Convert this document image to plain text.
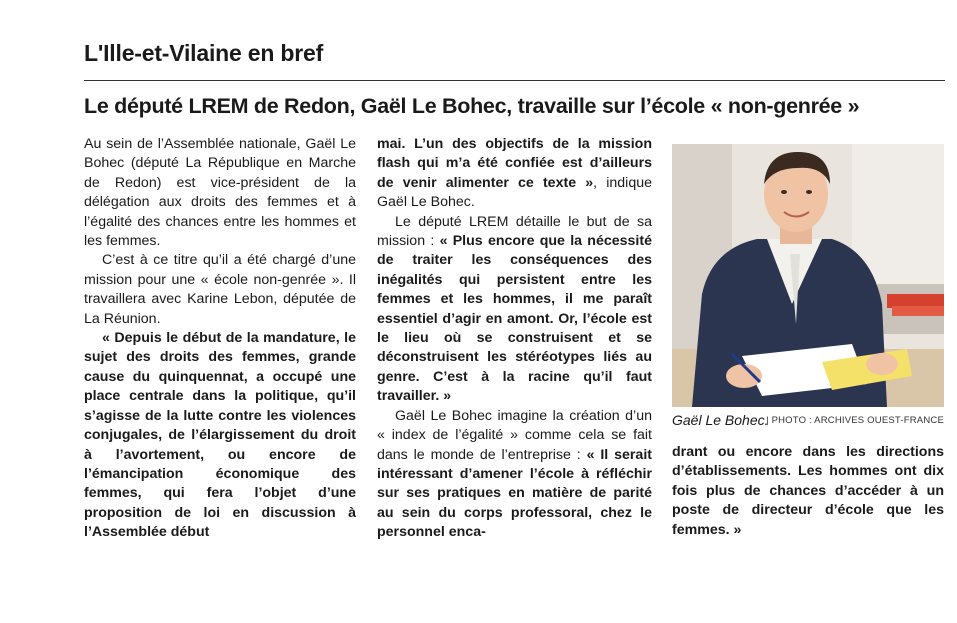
L'Ille-et-Vilaine en bref
Le député LREM de Redon, Gaël Le Bohec, travaille sur l’école « non-genrée »

Au sein de l’Assemblée nationale, Gaël Le Bohec (député La République en Marche de Redon) est vice-président de la délégation aux droits des femmes et à l’égalité des chances entre les hommes et les femmes.

C’est à ce titre qu’il a été chargé d’une mission pour une « école non-genrée ». Il travaillera avec Karine Lebon, députée de La Réunion.

« Depuis le début de la mandature, le sujet des droits des femmes, grande cause du quinquennat, a occupé une place centrale dans la politique, qu’il s’agisse de la lutte contre les violences conjugales, de l’élargissement du droit à l’avortement, ou encore de l’émancipation économique des femmes, qui fera l’objet d’une proposition de loi en discussion à l’Assemblée début

mai. L’un des objectifs de la mission flash qui m’a été confiée est d’ailleurs de venir alimenter ce texte », indique Gaël Le Bohec.

Le député LREM détaille le but de sa mission : « Plus encore que la nécessité de traiter les conséquences des inégalités qui persistent entre les femmes et les hommes, il me paraît essentiel d’agir en amont. Or, l’école est le lieu où se construisent et se déconstruisent les stéréotypes liés au genre. C’est à la racine qu’il faut travailler. »

Gaël Le Bohec imagine la création d’un « index de l’égalité » comme cela se fait dans le monde de l’entreprise : « Il serait intéressant d’amener l’école à réfléchir sur ses pratiques en matière de parité au sein du corps professoral, chez le personnel enca-

Gaël Le Bohec.
| PHOTO : ARCHIVES OUEST-FRANCE

drant ou encore dans les directions d’établissements. Les hommes ont dix fois plus de chances d’accéder à un poste de directeur d’école que les femmes. »
